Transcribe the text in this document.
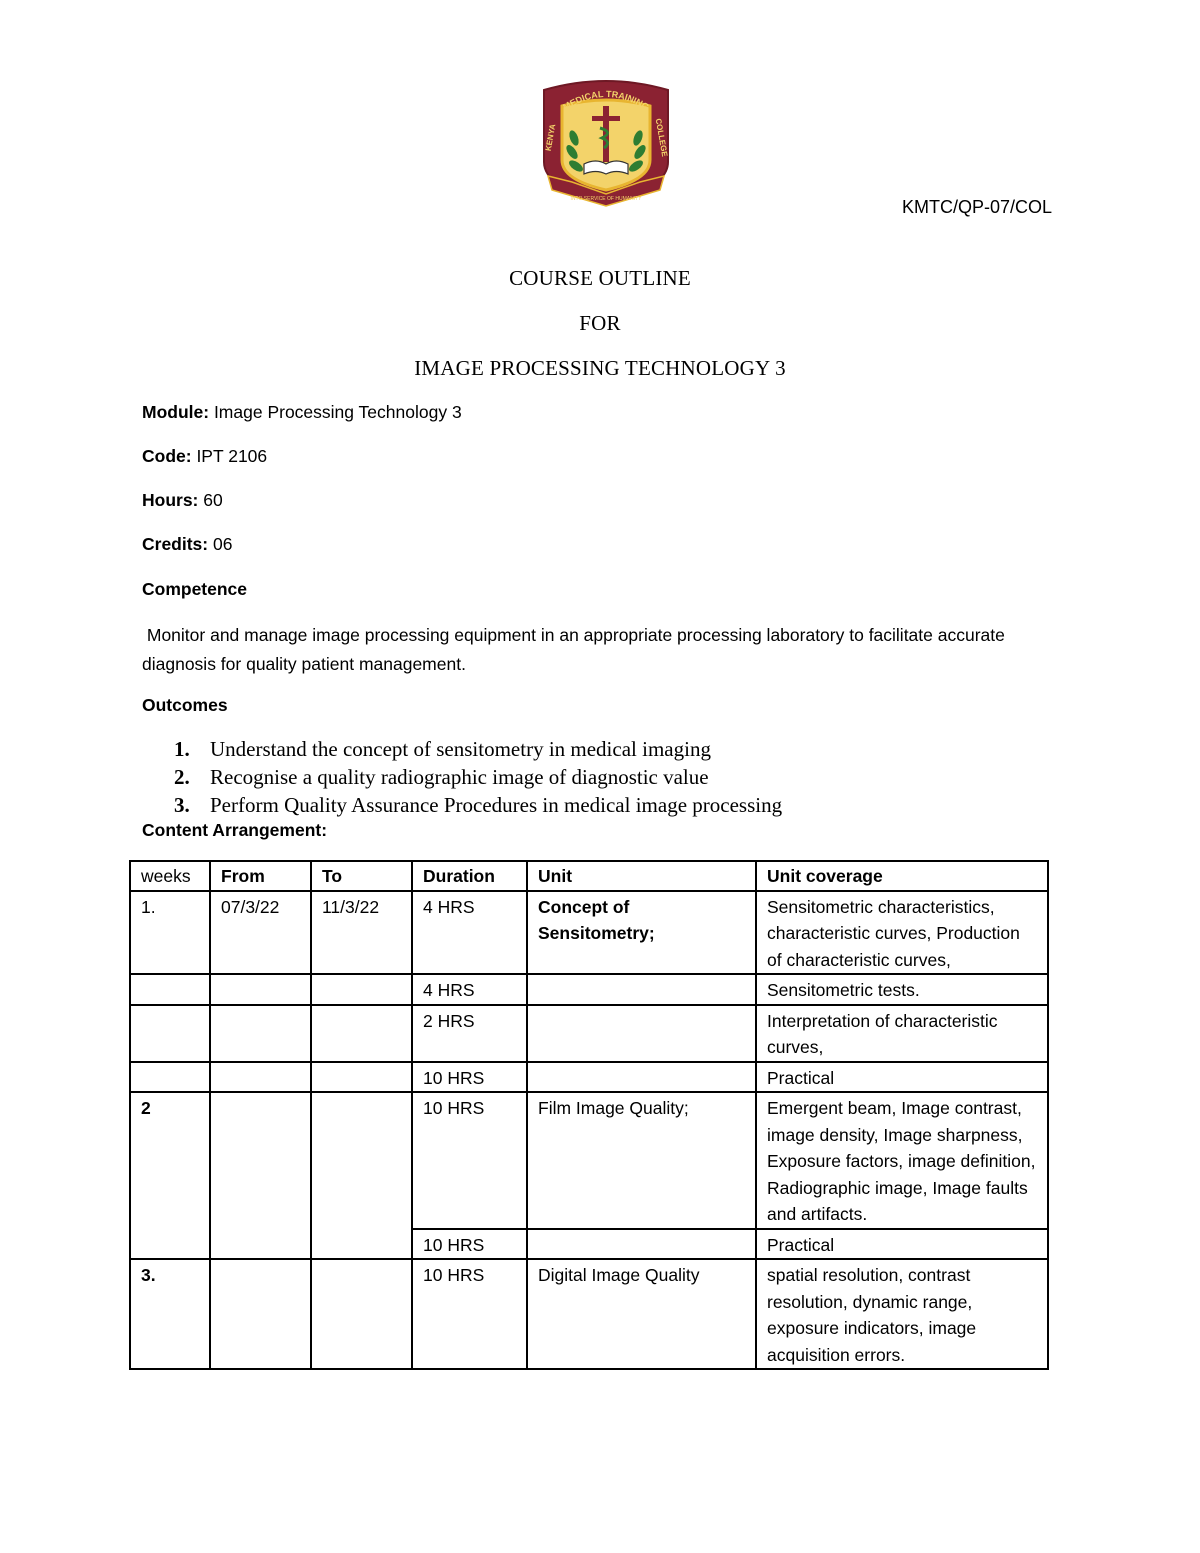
INTO SERVICE OF HUMANITY
MEDICAL TRAINING
KENYA	COLLEGE
KMTC/QP-07/COL
COURSE OUTLINE
FOR
IMAGE PROCESSING TECHNOLOGY 3
Module: Image Processing Technology 3
Code: IPT 2106
Hours: 60
Credits: 06
Competence
Monitor and manage image processing equipment in an appropriate processing laboratory to facilitate accurate diagnosis for quality patient management.
Outcomes
1. Understand the concept of sensitometry in medical imaging
2. Recognise a quality radiographic image of diagnostic value
3. Perform Quality Assurance Procedures in medical image processing
Content Arrangement:
weeks	From	To	Duration	Unit	Unit coverage
1.	07/3/22	11/3/22	4 HRS	Concept of Sensitometry;	Sensitometric characteristics, characteristic curves, Production of characteristic curves,
			4 HRS		Sensitometric tests.
			2 HRS		Interpretation of characteristic curves,
			10 HRS		Practical
2			10 HRS	Film Image Quality;	Emergent beam, Image contrast, image density, Image sharpness, Exposure factors, image definition, Radiographic image, Image faults and artifacts.
			10 HRS		Practical
3.			10 HRS	Digital Image Quality	spatial resolution, contrast resolution, dynamic range, exposure indicators, image acquisition errors.
